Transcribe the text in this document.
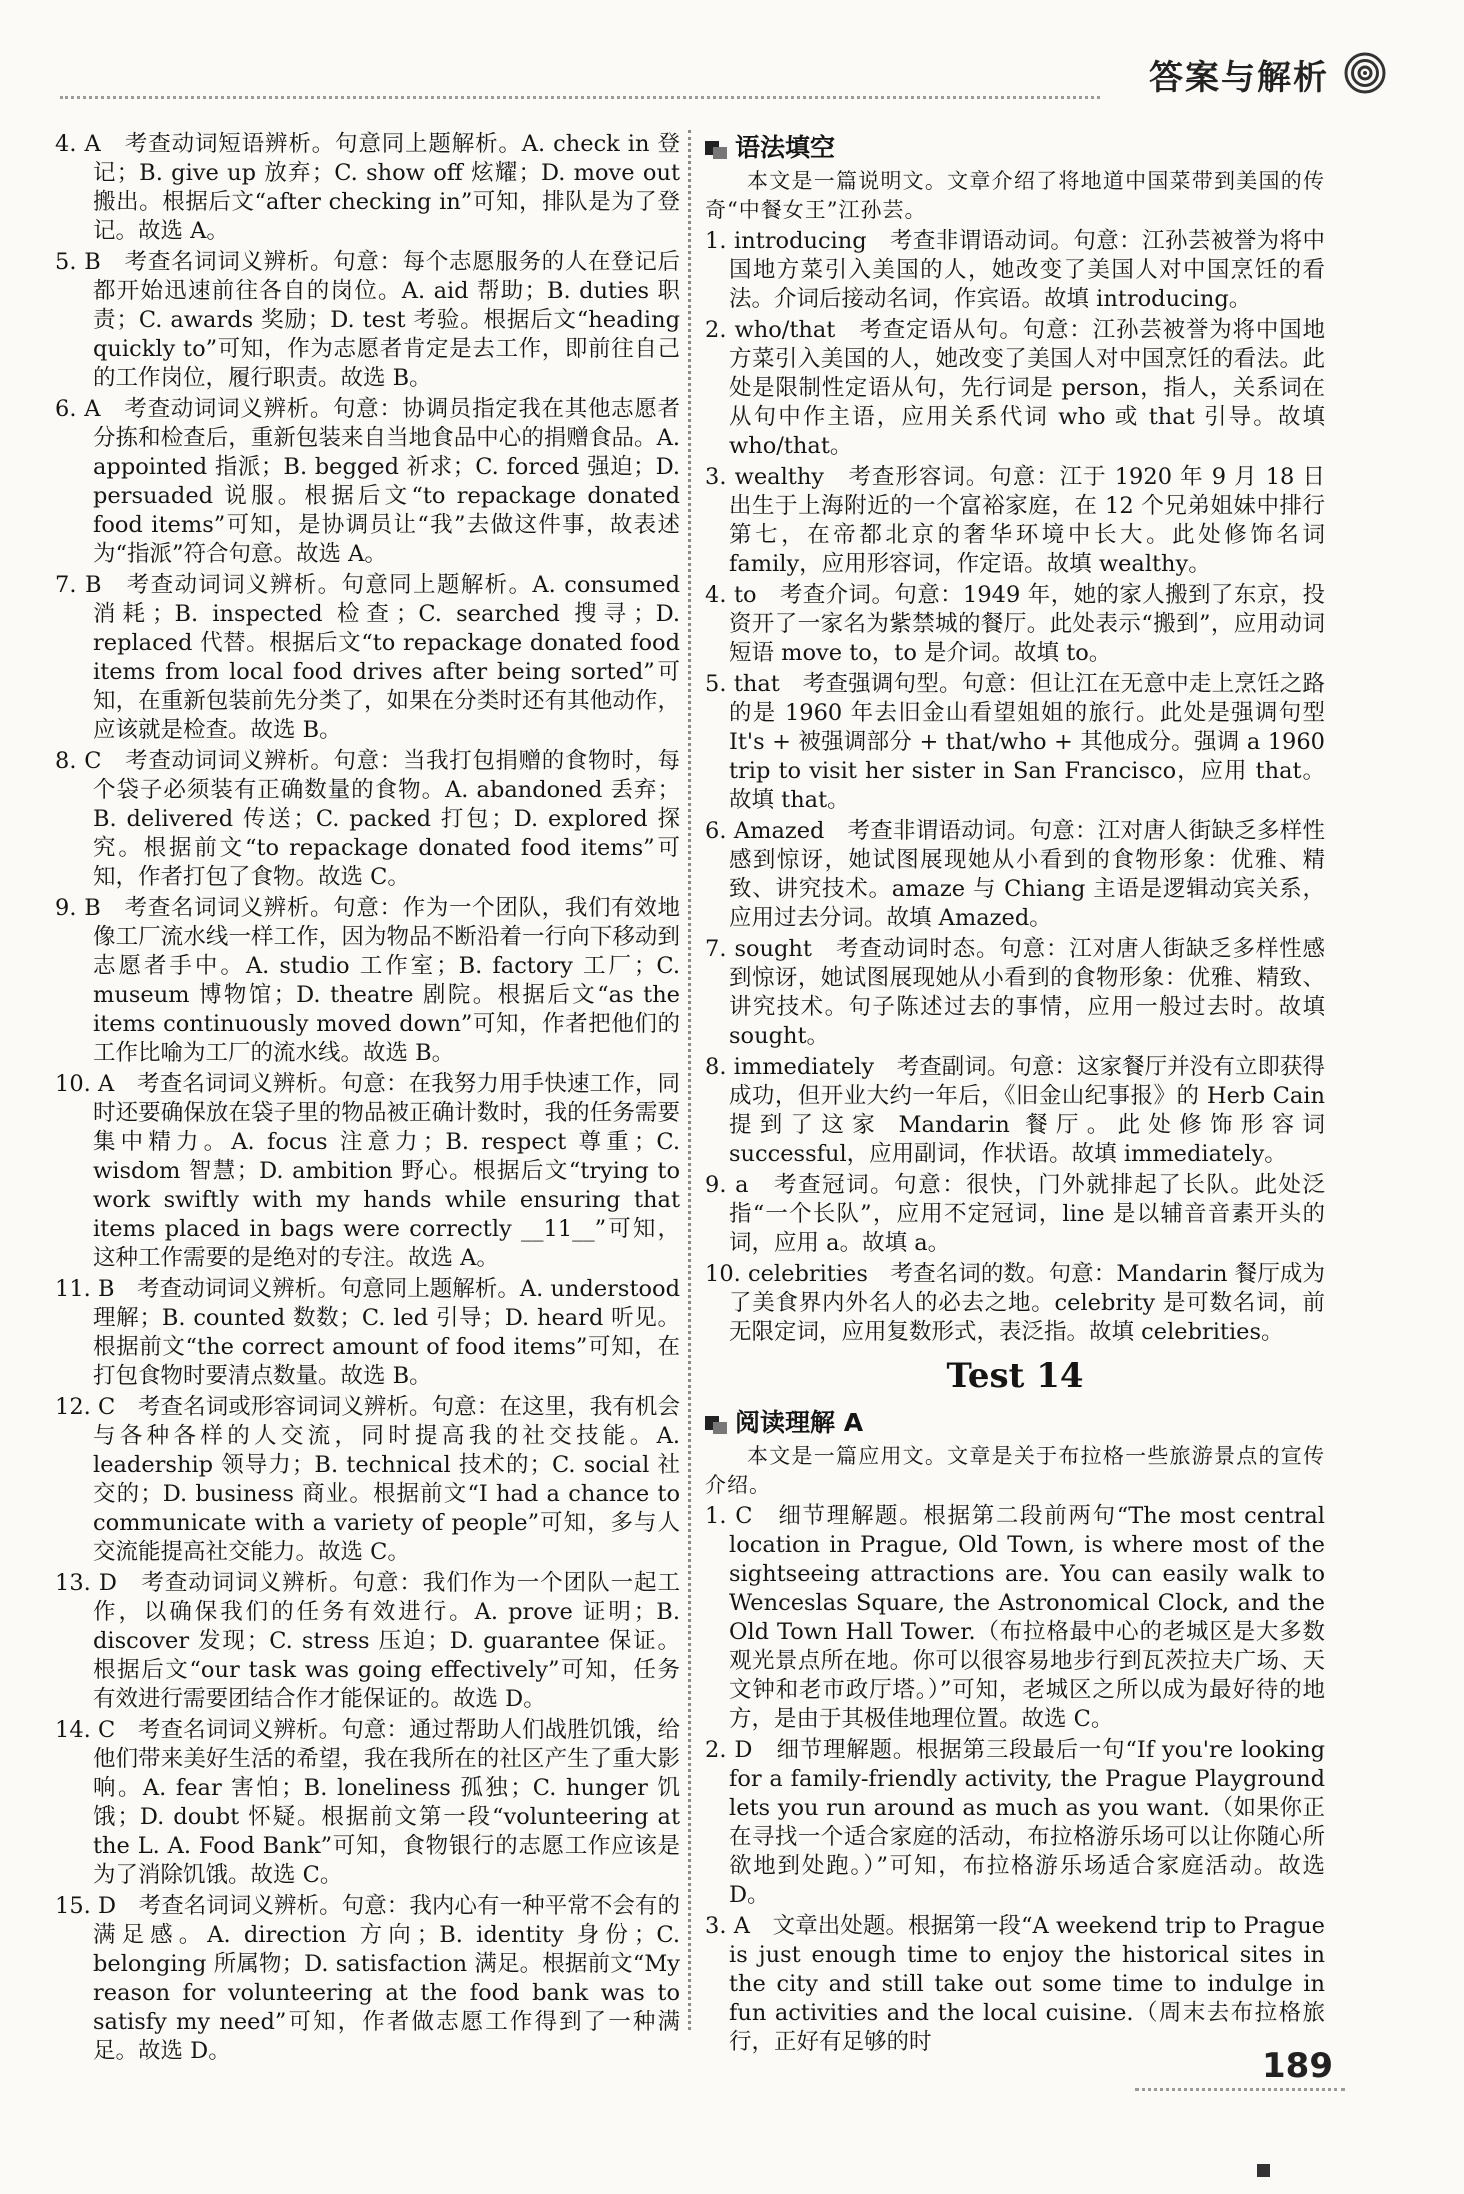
答案与解析

4. A　考查动词短语辨析。句意同上题解析。A. check in 登记；B. give up 放弃；C. show off 炫耀；D. move out 搬出。根据后文“after checking in”可知，排队是为了登记。故选 A。

5. B　考查名词词义辨析。句意：每个志愿服务的人在登记后都开始迅速前往各自的岗位。A. aid 帮助；B. duties 职责；C. awards 奖励；D. test 考验。根据后文“heading quickly to”可知，作为志愿者肯定是去工作，即前往自己的工作岗位，履行职责。故选 B。

6. A　考查动词词义辨析。句意：协调员指定我在其他志愿者分拣和检查后，重新包装来自当地食品中心的捐赠食品。A. appointed 指派；B. begged 祈求；C. forced 强迫；D. persuaded 说服。根据后文“to repackage donated food items”可知，是协调员让“我”去做这件事，故表述为“指派”符合句意。故选 A。

7. B　考查动词词义辨析。句意同上题解析。A. consumed 消耗；B. inspected 检查；C. searched 搜寻；D. replaced 代替。根据后文“to repackage donated food items from local food drives after being sorted”可知，在重新包装前先分类了，如果在分类时还有其他动作，应该就是检查。故选 B。

8. C　考查动词词义辨析。句意：当我打包捐赠的食物时，每个袋子必须装有正确数量的食物。A. abandoned 丢弃；B. delivered 传送；C. packed 打包；D. explored 探究。根据前文“to repackage donated food items”可知，作者打包了食物。故选 C。

9. B　考查名词词义辨析。句意：作为一个团队，我们有效地像工厂流水线一样工作，因为物品不断沿着一行向下移动到志愿者手中。A. studio 工作室；B. factory 工厂；C. museum 博物馆；D. theatre 剧院。根据后文“as the items continuously moved down”可知，作者把他们的工作比喻为工厂的流水线。故选 B。

10. A　考查名词词义辨析。句意：在我努力用手快速工作，同时还要确保放在袋子里的物品被正确计数时，我的任务需要集中精力。A. focus 注意力；B. respect 尊重；C. wisdom 智慧；D. ambition 野心。根据后文“trying to work swiftly with my hands while ensuring that items placed in bags were correctly __11__”可知，这种工作需要的是绝对的专注。故选 A。

11. B　考查动词词义辨析。句意同上题解析。A. understood 理解；B. counted 数数；C. led 引导；D. heard 听见。根据前文“the correct amount of food items”可知，在打包食物时要清点数量。故选 B。

12. C　考查名词或形容词词义辨析。句意：在这里，我有机会与各种各样的人交流，同时提高我的社交技能。A. leadership 领导力；B. technical 技术的；C. social 社交的；D. business 商业。根据前文“I had a chance to communicate with a variety of people”可知，多与人交流能提高社交能力。故选 C。

13. D　考查动词词义辨析。句意：我们作为一个团队一起工作，以确保我们的任务有效进行。A. prove 证明；B. discover 发现；C. stress 压迫；D. guarantee 保证。根据后文“our task was going effectively”可知，任务有效进行需要团结合作才能保证的。故选 D。

14. C　考查名词词义辨析。句意：通过帮助人们战胜饥饿，给他们带来美好生活的希望，我在我所在的社区产生了重大影响。A. fear 害怕；B. loneliness 孤独；C. hunger 饥饿；D. doubt 怀疑。根据前文第一段“volunteering at the L. A. Food Bank”可知，食物银行的志愿工作应该是为了消除饥饿。故选 C。

15. D　考查名词词义辨析。句意：我内心有一种平常不会有的满足感。A. direction 方向；B. identity 身份；C. belonging 所属物；D. satisfaction 满足。根据前文“My reason for volunteering at the food bank was to satisfy my need”可知，作者做志愿工作得到了一种满足。故选 D。

语法填空

本文是一篇说明文。文章介绍了将地道中国菜带到美国的传奇“中餐女王”江孙芸。

1. introducing　考查非谓语动词。句意：江孙芸被誉为将中国地方菜引入美国的人，她改变了美国人对中国烹饪的看法。介词后接动名词，作宾语。故填 introducing。

2. who/that　考查定语从句。句意：江孙芸被誉为将中国地方菜引入美国的人，她改变了美国人对中国烹饪的看法。此处是限制性定语从句，先行词是 person，指人，关系词在从句中作主语，应用关系代词 who 或 that 引导。故填 who/that。

3. wealthy　考查形容词。句意：江于 1920 年 9 月 18 日出生于上海附近的一个富裕家庭，在 12 个兄弟姐妹中排行第七，在帝都北京的奢华环境中长大。此处修饰名词 family，应用形容词，作定语。故填 wealthy。

4. to　考查介词。句意：1949 年，她的家人搬到了东京，投资开了一家名为紫禁城的餐厅。此处表示“搬到”，应用动词短语 move to，to 是介词。故填 to。

5. that　考查强调句型。句意：但让江在无意中走上烹饪之路的是 1960 年去旧金山看望姐姐的旅行。此处是强调句型 It's + 被强调部分 + that/who + 其他成分。强调 a 1960 trip to visit her sister in San Francisco，应用 that。故填 that。

6. Amazed　考查非谓语动词。句意：江对唐人街缺乏多样性感到惊讶，她试图展现她从小看到的食物形象：优雅、精致、讲究技术。amaze 与 Chiang 主语是逻辑动宾关系，应用过去分词。故填 Amazed。

7. sought　考查动词时态。句意：江对唐人街缺乏多样性感到惊讶，她试图展现她从小看到的食物形象：优雅、精致、讲究技术。句子陈述过去的事情，应用一般过去时。故填 sought。

8. immediately　考查副词。句意：这家餐厅并没有立即获得成功，但开业大约一年后，《旧金山纪事报》的 Herb Cain 提到了这家 Mandarin 餐厅。此处修饰形容词 successful，应用副词，作状语。故填 immediately。

9. a　考查冠词。句意：很快，门外就排起了长队。此处泛指“一个长队”，应用不定冠词，line 是以辅音音素开头的词，应用 a。故填 a。

10. celebrities　考查名词的数。句意：Mandarin 餐厅成为了美食界内外名人的必去之地。celebrity 是可数名词，前无限定词，应用复数形式，表泛指。故填 celebrities。

Test 14
阅读理解 A

本文是一篇应用文。文章是关于布拉格一些旅游景点的宣传介绍。

1. C　细节理解题。根据第二段前两句“The most central location in Prague, Old Town, is where most of the sightseeing attractions are. You can easily walk to Wenceslas Square, the Astronomical Clock, and the Old Town Hall Tower.（布拉格最中心的老城区是大多数观光景点所在地。你可以很容易地步行到瓦茨拉夫广场、天文钟和老市政厅塔。）”可知，老城区之所以成为最好待的地方，是由于其极佳地理位置。故选 C。

2. D　细节理解题。根据第三段最后一句“If you're looking for a family-friendly activity, the Prague Playground lets you run around as much as you want.（如果你正在寻找一个适合家庭的活动，布拉格游乐场可以让你随心所欲地到处跑。）”可知，布拉格游乐场适合家庭活动。故选 D。

3. A　文章出处题。根据第一段“A weekend trip to Prague is just enough time to enjoy the historical sites in the city and still take out some time to indulge in fun activities and the local cuisine.（周末去布拉格旅行，正好有足够的时

189
